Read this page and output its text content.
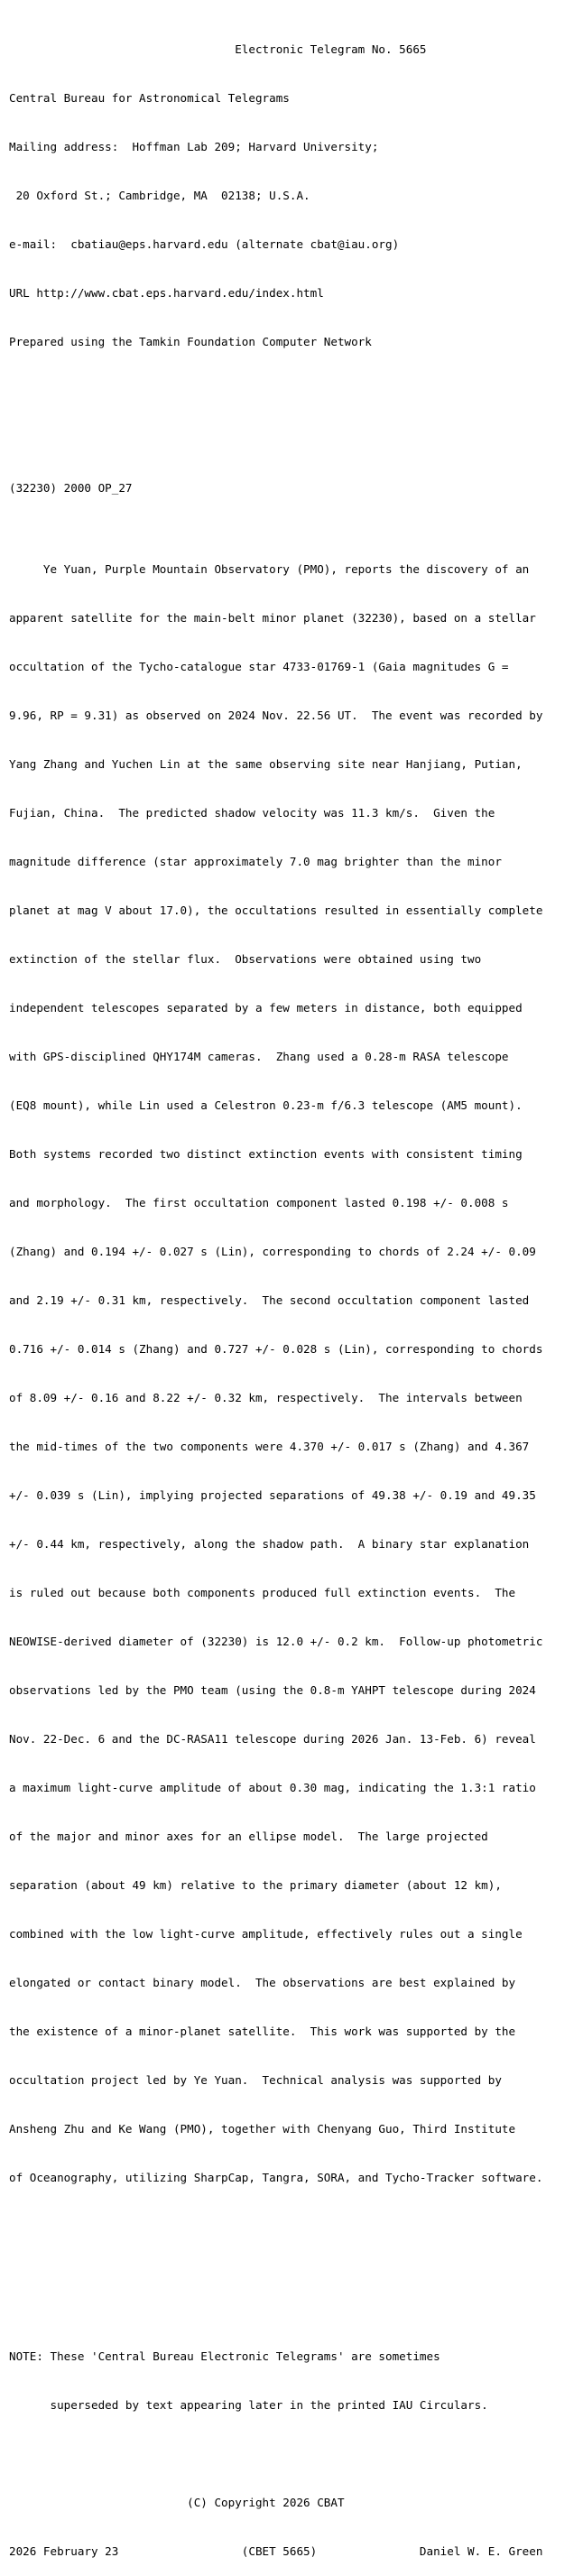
Electronic Telegram No. 5665

Central Bureau for Astronomical Telegrams

Mailing address:  Hoffman Lab 209; Harvard University;

20 Oxford St.; Cambridge, MA  02138; U.S.A.

e-mail:  cbatiau@eps.harvard.edu (alternate cbat@iau.org)

URL http://www.cbat.eps.harvard.edu/index.html

Prepared using the Tamkin Foundation Computer Network

(32230) 2000 OP_27

Ye Yuan, Purple Mountain Observatory (PMO), reports the discovery of an

apparent satellite for the main-belt minor planet (32230), based on a stellar

occultation of the Tycho-catalogue star 4733-01769-1 (Gaia magnitudes G =

9.96, RP = 9.31) as observed on 2024 Nov. 22.56 UT.  The event was recorded by

Yang Zhang and Yuchen Lin at the same observing site near Hanjiang, Putian,

Fujian, China.  The predicted shadow velocity was 11.3 km/s.  Given the

magnitude difference (star approximately 7.0 mag brighter than the minor

planet at mag V about 17.0), the occultations resulted in essentially complete

extinction of the stellar flux.  Observations were obtained using two

independent telescopes separated by a few meters in distance, both equipped

with GPS-disciplined QHY174M cameras.  Zhang used a 0.28-m RASA telescope

(EQ8 mount), while Lin used a Celestron 0.23-m f/6.3 telescope (AM5 mount).

Both systems recorded two distinct extinction events with consistent timing

and morphology.  The first occultation component lasted 0.198 +/- 0.008 s

(Zhang) and 0.194 +/- 0.027 s (Lin), corresponding to chords of 2.24 +/- 0.09

and 2.19 +/- 0.31 km, respectively.  The second occultation component lasted

0.716 +/- 0.014 s (Zhang) and 0.727 +/- 0.028 s (Lin), corresponding to chords

of 8.09 +/- 0.16 and 8.22 +/- 0.32 km, respectively.  The intervals between

the mid-times of the two components were 4.370 +/- 0.017 s (Zhang) and 4.367

+/- 0.039 s (Lin), implying projected separations of 49.38 +/- 0.19 and 49.35

+/- 0.44 km, respectively, along the shadow path.  A binary star explanation

is ruled out because both components produced full extinction events.  The

NEOWISE-derived diameter of (32230) is 12.0 +/- 0.2 km.  Follow-up photometric

observations led by the PMO team (using the 0.8-m YAHPT telescope during 2024

Nov. 22-Dec. 6 and the DC-RASA11 telescope during 2026 Jan. 13-Feb. 6) reveal

a maximum light-curve amplitude of about 0.30 mag, indicating the 1.3:1 ratio

of the major and minor axes for an ellipse model.  The large projected

separation (about 49 km) relative to the primary diameter (about 12 km),

combined with the low light-curve amplitude, effectively rules out a single

elongated or contact binary model.  The observations are best explained by

the existence of a minor-planet satellite.  This work was supported by the

occultation project led by Ye Yuan.  Technical analysis was supported by

Ansheng Zhu and Ke Wang (PMO), together with Chenyang Guo, Third Institute

of Oceanography, utilizing SharpCap, Tangra, SORA, and Tycho-Tracker software.

NOTE: These 'Central Bureau Electronic Telegrams' are sometimes

superseded by text appearing later in the printed IAU Circulars.

(C) Copyright 2026 CBAT

2026 February 23                  (CBET 5665)               Daniel W. E. Green
